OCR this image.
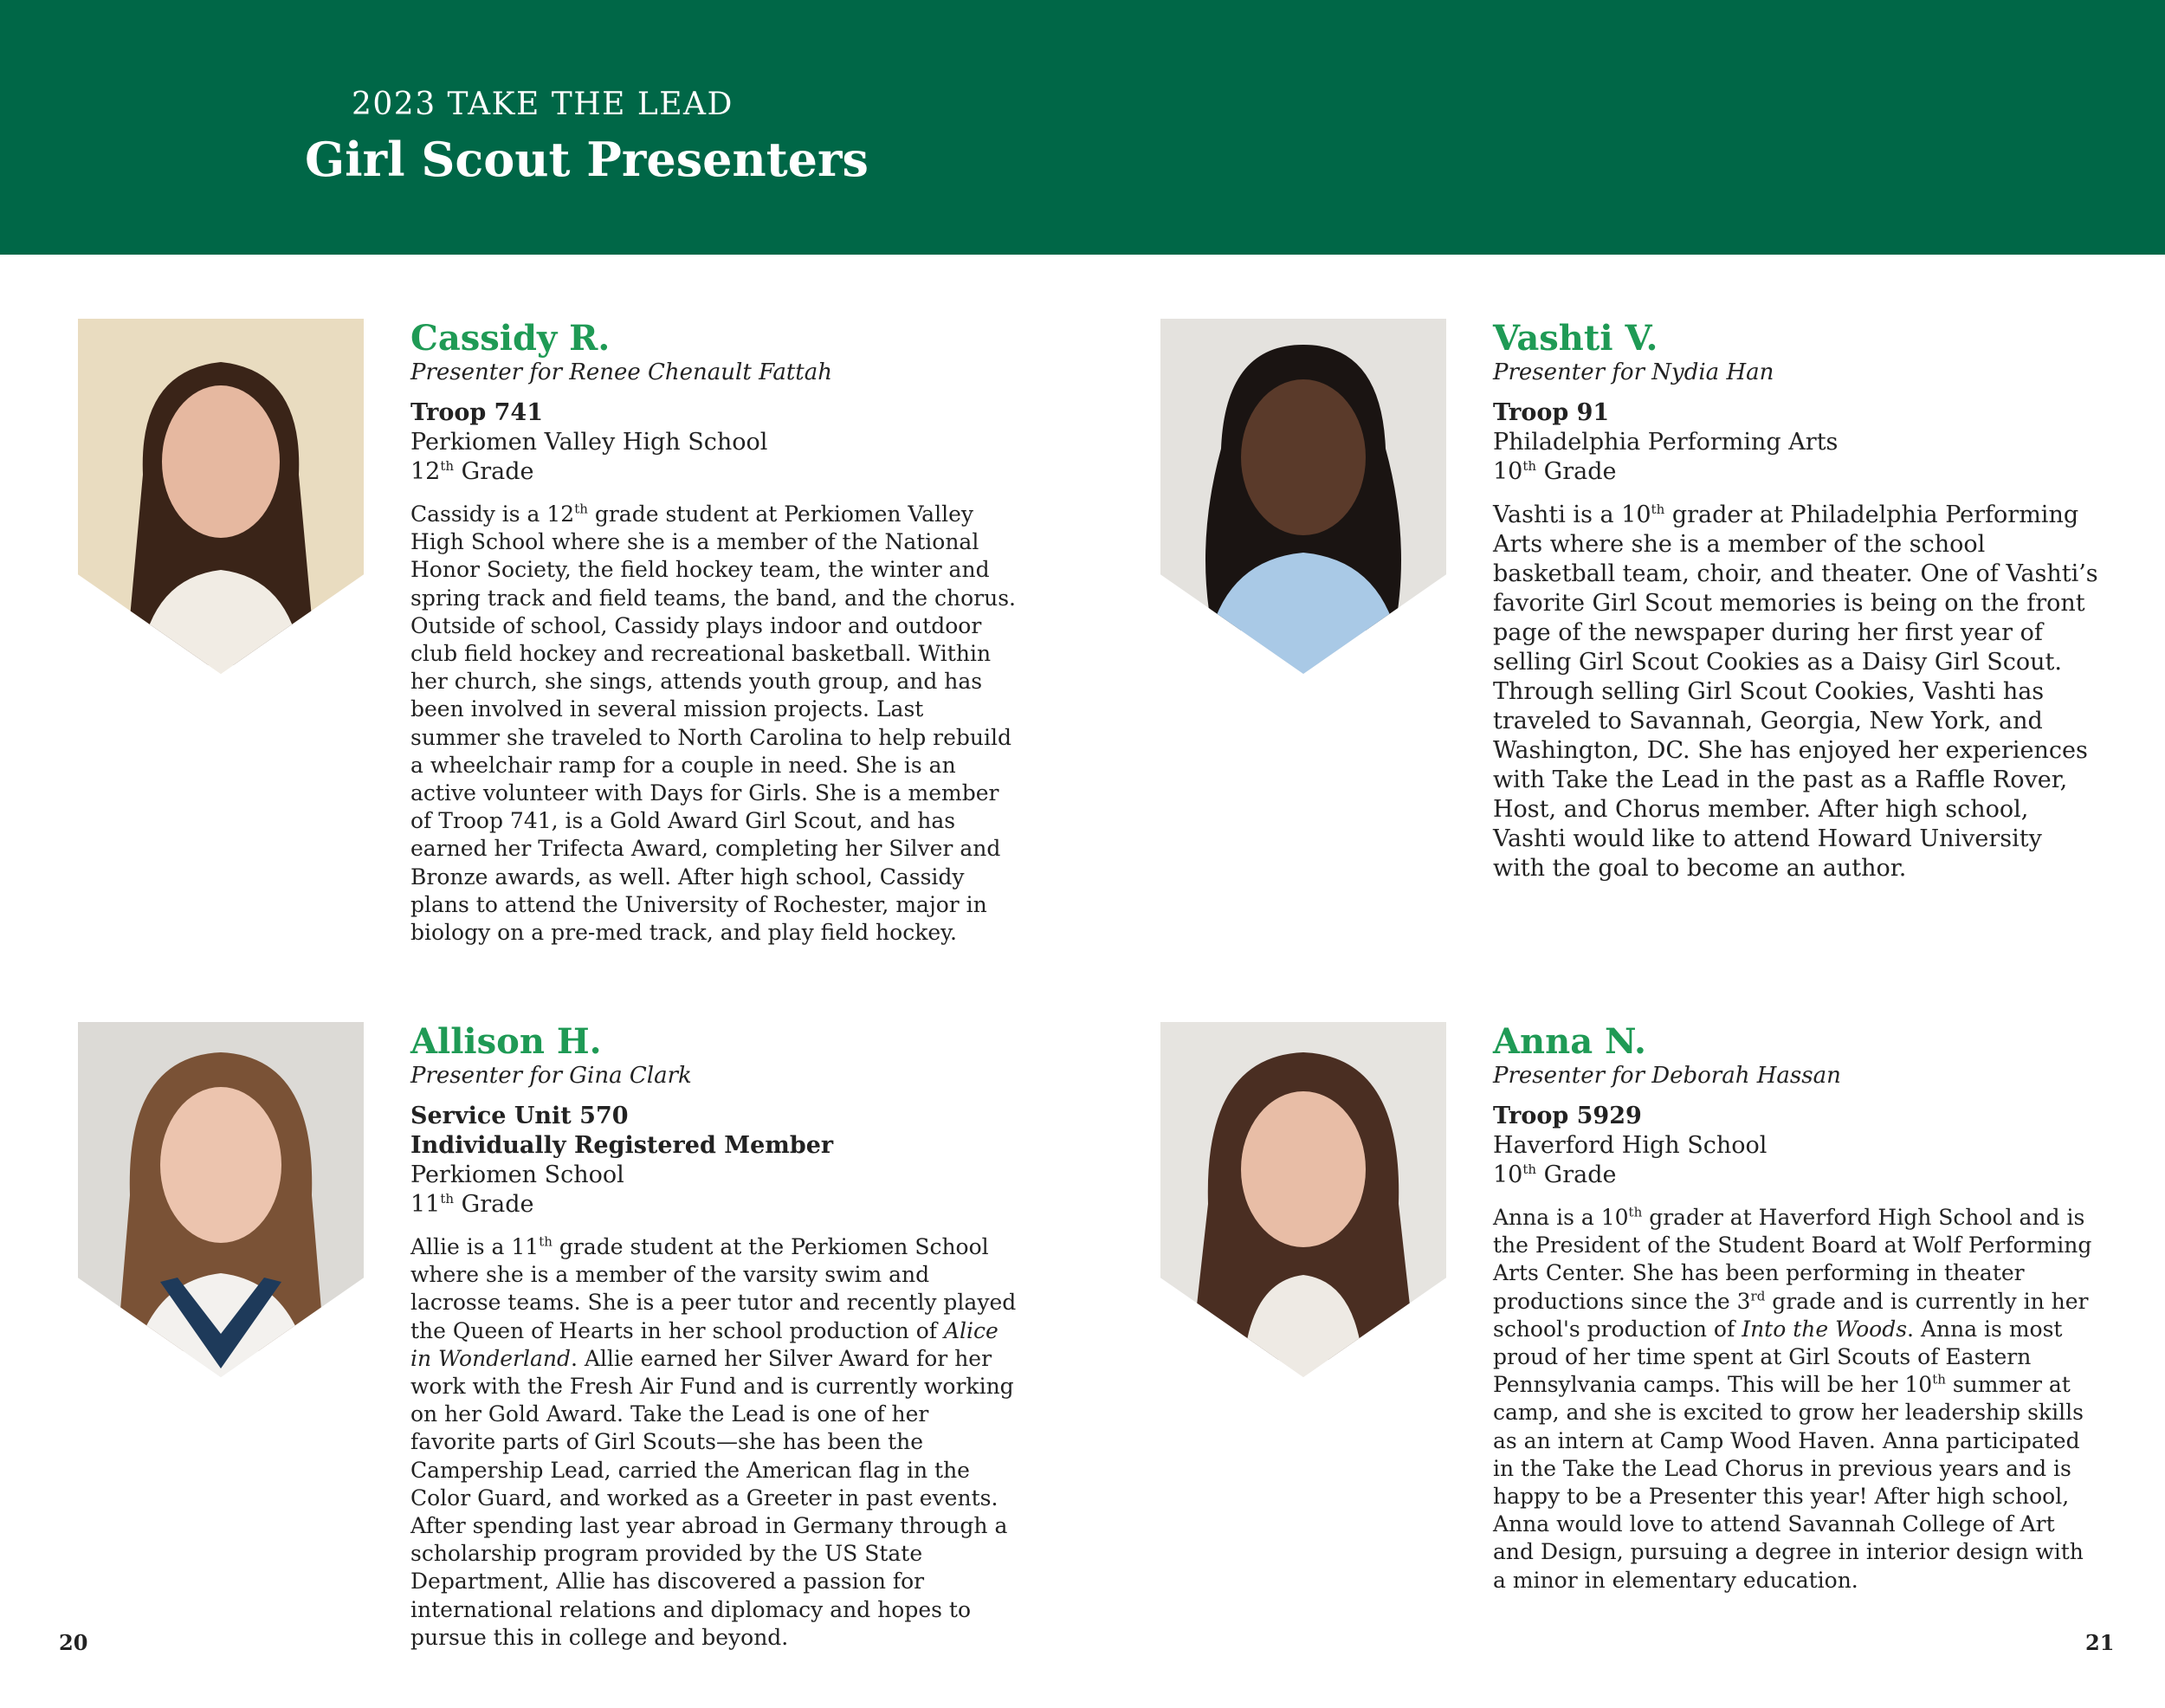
2023 TAKE THE LEAD
Girl Scout Presenters
Cassidy R.

Presenter for Renee Chenault Fattah

Troop 741
Perkiomen Valley High School
12th Grade
Cassidy is a 12th grade student at Perkiomen Valley High School where she is a member of the National Honor Society, the field hockey team, the winter and spring track and field teams, the band, and the chorus. Outside of school, Cassidy plays indoor and outdoor club field hockey and recreational basketball. Within her church, she sings, attends youth group, and has been involved in several mission projects. Last summer she traveled to North Carolina to help rebuild a wheelchair ramp for a couple in need. She is an active volunteer with Days for Girls. She is a member of Troop 741, is a Gold Award Girl Scout, and has earned her Trifecta Award, completing her Silver and Bronze awards, as well. After high school, Cassidy plans to attend the University of Rochester, major in biology on a pre-med track, and play field hockey.
Vashti V.

Presenter for Nydia Han

Troop 91
Philadelphia Performing Arts
10th Grade
Vashti is a 10th grader at Philadelphia Performing Arts where she is a member of the school basketball team, choir, and theater. One of Vashti’s favorite Girl Scout memories is being on the front page of the newspaper during her first year of selling Girl Scout Cookies as a Daisy Girl Scout. Through selling Girl Scout Cookies, Vashti has traveled to Savannah, Georgia, New York, and Washington, DC. She has enjoyed her experiences with Take the Lead in the past as a Raffle Rover, Host, and Chorus member. After high school, Vashti would like to attend Howard University with the goal to become an author.
Allison H.

Presenter for Gina Clark

Service Unit 570
Individually Registered Member
Perkiomen School
11th Grade
Allie is a 11th grade student at the Perkiomen School where she is a member of the varsity swim and lacrosse teams. She is a peer tutor and recently played the Queen of Hearts in her school production of Alice in Wonderland. Allie earned her Silver Award for her work with the Fresh Air Fund and is currently working on her Gold Award. Take the Lead is one of her favorite parts of Girl Scouts—she has been the Campership Lead, carried the American flag in the Color Guard, and worked as a Greeter in past events. After spending last year abroad in Germany through a scholarship program provided by the US State Department, Allie has discovered a passion for international relations and diplomacy and hopes to pursue this in college and beyond.
Anna N.

Presenter for Deborah Hassan

Troop 5929
Haverford High School
10th Grade
Anna is a 10th grader at Haverford High School and is the President of the Student Board at Wolf Performing Arts Center. She has been performing in theater productions since the 3rd grade and is currently in her school's production of Into the Woods. Anna is most proud of her time spent at Girl Scouts of Eastern Pennsylvania camps. This will be her 10th summer at camp, and she is excited to grow her leadership skills as an intern at Camp Wood Haven. Anna participated in the Take the Lead Chorus in previous years and is happy to be a Presenter this year! After high school, Anna would love to attend Savannah College of Art and Design, pursuing a degree in interior design with a minor in elementary education.
20	21
